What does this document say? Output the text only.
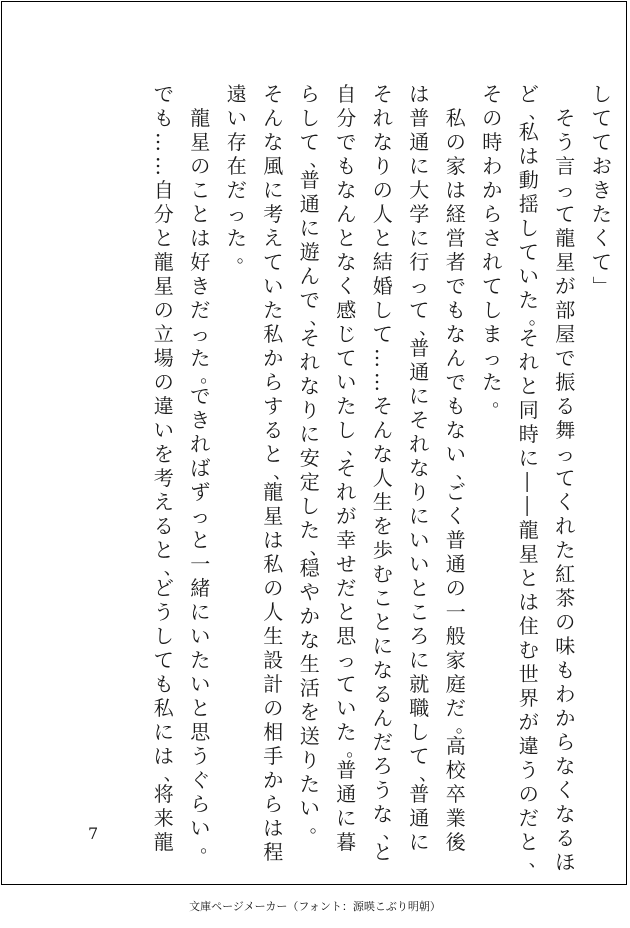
し
て
て
お
き
た
く
て
」

そ
う
言
っ
て
龍
星
が
部
屋
で
振
る
舞
っ
て
く
れ
た
紅
茶
の
味
も
わ
か
ら
な
く
な
る
ほ
ど
、
私
は
動
揺
し
て
い
た
。
そ
れ
と
同
時
に
―
―
龍
星
と
は
住
む
世
界
が
違
う
の
だ
と
、
そ
の
時
わ
か
ら
さ
れ
て
し
ま
っ
た
。

私
の
家
は
経
営
者
で
も
な
ん
で
も
な
い
、
ご
く
普
通
の
一
般
家
庭
だ
。
高
校
卒
業
後
は
普
通
に
大
学
に
行
っ
て
、
普
通
に
そ
れ
な
り
に
い
い
と
こ
ろ
に
就
職
し
て
、
普
通
に
そ
れ
な
り
の
人
と
結
婚
し
て
…
…
そ
ん
な
人
生
を
歩
む
こ
と
に
な
る
ん
だ
ろ
う
な
、
と
自
分
で
も
な
ん
と
な
く
感
じ
て
い
た
し
、
そ
れ
が
幸
せ
だ
と
思
っ
て
い
た
。
普
通
に
暮
ら
し
て
、
普
通
に
遊
ん
で
、
そ
れ
な
り
に
安
定
し
た
、
穏
や
か
な
生
活
を
送
り
た
い
。
そ
ん
な
風
に
考
え
て
い
た
私
か
ら
す
る
と
、
龍
星
は
私
の
人
生
設
計
の
相
手
か
ら
は
程
遠
い
存
在
だ
っ
た
。

龍
星
の
こ
と
は
好
き
だ
っ
た
。
で
き
れ
ば
ず
っ
と
一
緒
に
い
た
い
と
思
う
ぐ
ら
い
。
で
も
…
…
自
分
と
龍
星
の
立
場
の
違
い
を
考
え
る
と
、
ど
う
し
て
も
私
に
は
、
将
来
龍
7
文庫ページメーカー（フォント：源暎こぶり明朝）
